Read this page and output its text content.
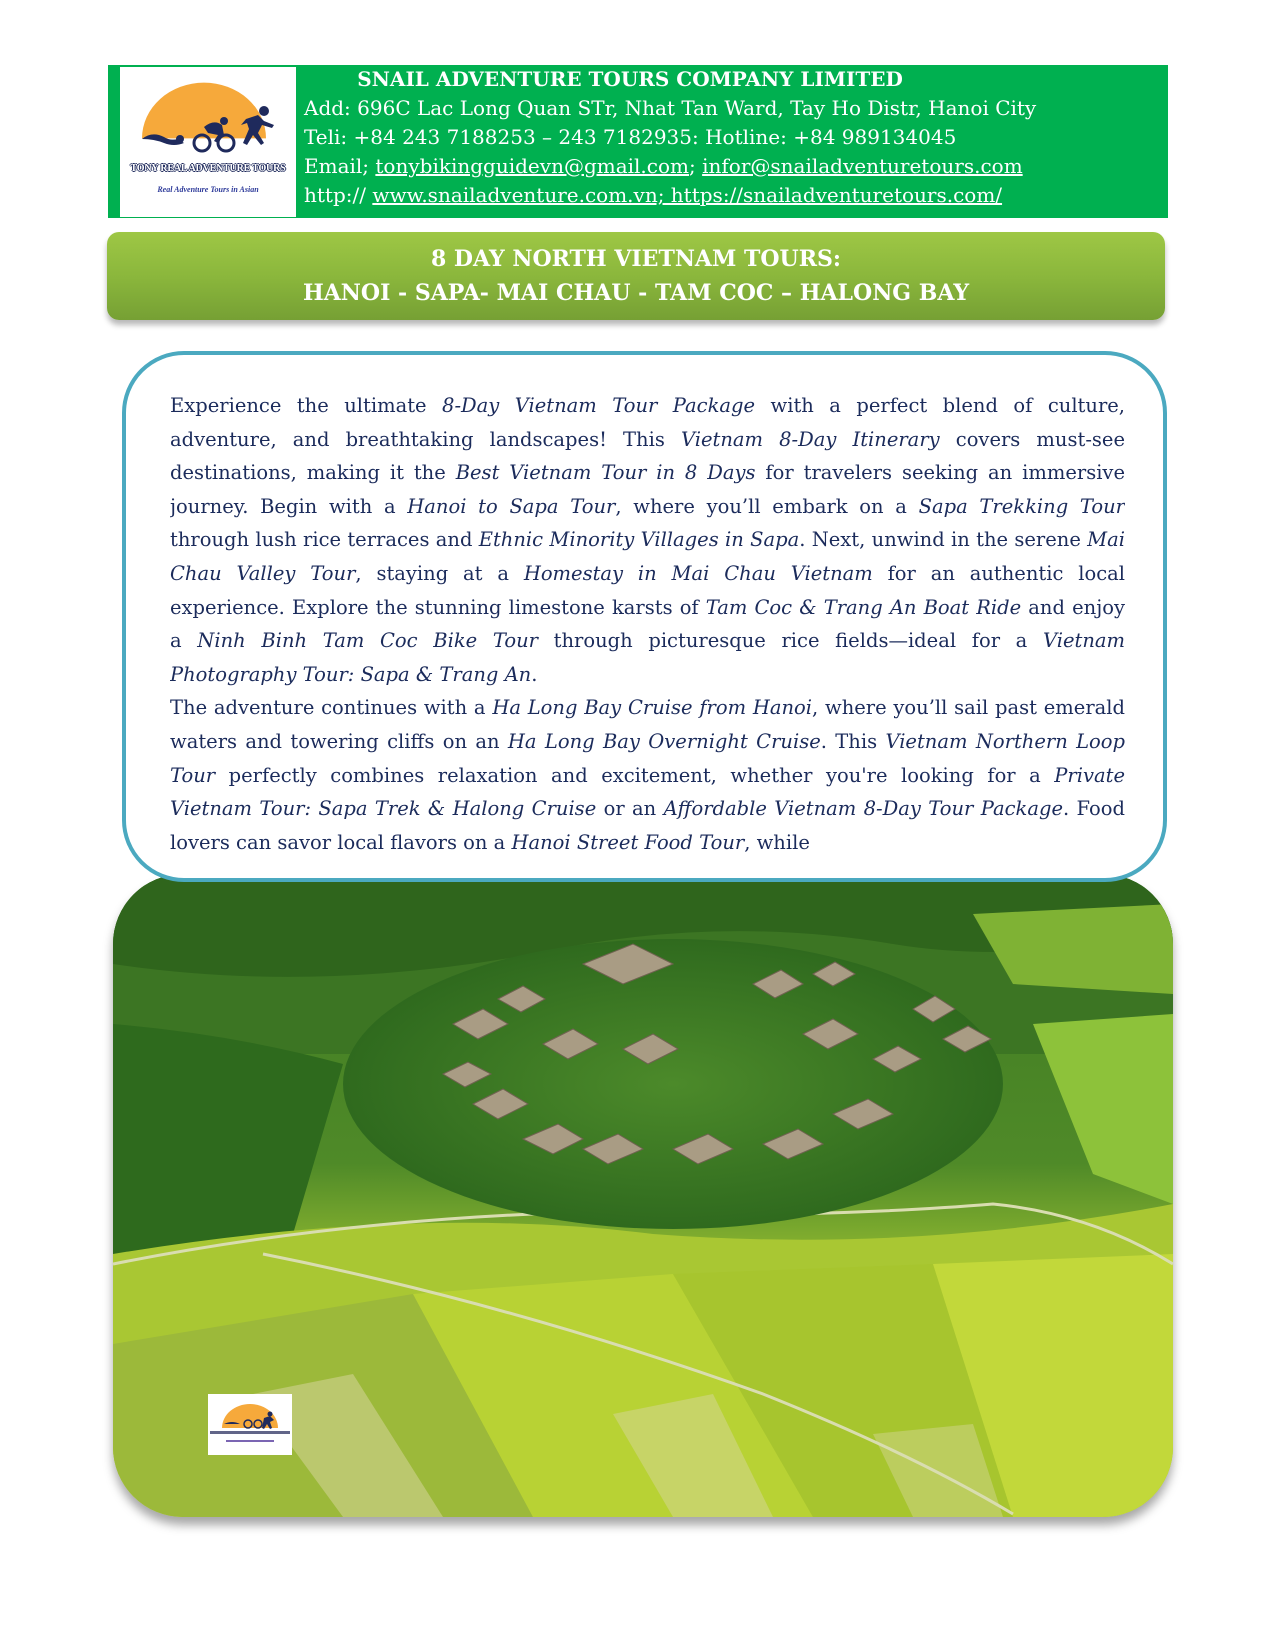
TONY REAL ADVENTURE TOURS
Real Adventure Tours in Asian
SNAIL ADVENTURE TOURS COMPANY LIMITED
Add: 696C Lac Long Quan STr, Nhat Tan Ward, Tay Ho Distr, Hanoi City
Teli: +84 243 7188253 – 243 7182935: Hotline: +84 989134045
Email; tonybikingguidevn@gmail.com; infor@snailadventuretours.com
http:// www.snailadventure.com.vn; https://snailadventuretours.com/
8 DAY NORTH VIETNAM TOURS:
HANOI - SAPA- MAI CHAU - TAM COC – HALONG BAY

Experience the ultimate 8-Day Vietnam Tour Package with a perfect blend of culture, adventure, and breathtaking landscapes! This Vietnam 8-Day Itinerary covers must-see destinations, making it the Best Vietnam Tour in 8 Days for travelers seeking an immersive journey. Begin with a Hanoi to Sapa Tour, where you’ll embark on a Sapa Trekking Tour through lush rice terraces and Ethnic Minority Villages in Sapa. Next, unwind in the serene Mai Chau Valley Tour, staying at a Homestay in Mai Chau Vietnam for an authentic local experience. Explore the stunning limestone karsts of Tam Coc & Trang An Boat Ride and enjoy a Ninh Binh Tam Coc Bike Tour through picturesque rice fields—ideal for a Vietnam Photography Tour: Sapa & Trang An.

The adventure continues with a Ha Long Bay Cruise from Hanoi, where you’ll sail past emerald waters and towering cliffs on an Ha Long Bay Overnight Cruise. This Vietnam Northern Loop Tour perfectly combines relaxation and excitement, whether you're looking for a Private Vietnam Tour: Sapa Trek & Halong Cruise or an Affordable Vietnam 8-Day Tour Package. Food lovers can savor local flavors on a Hanoi Street Food Tour, while
